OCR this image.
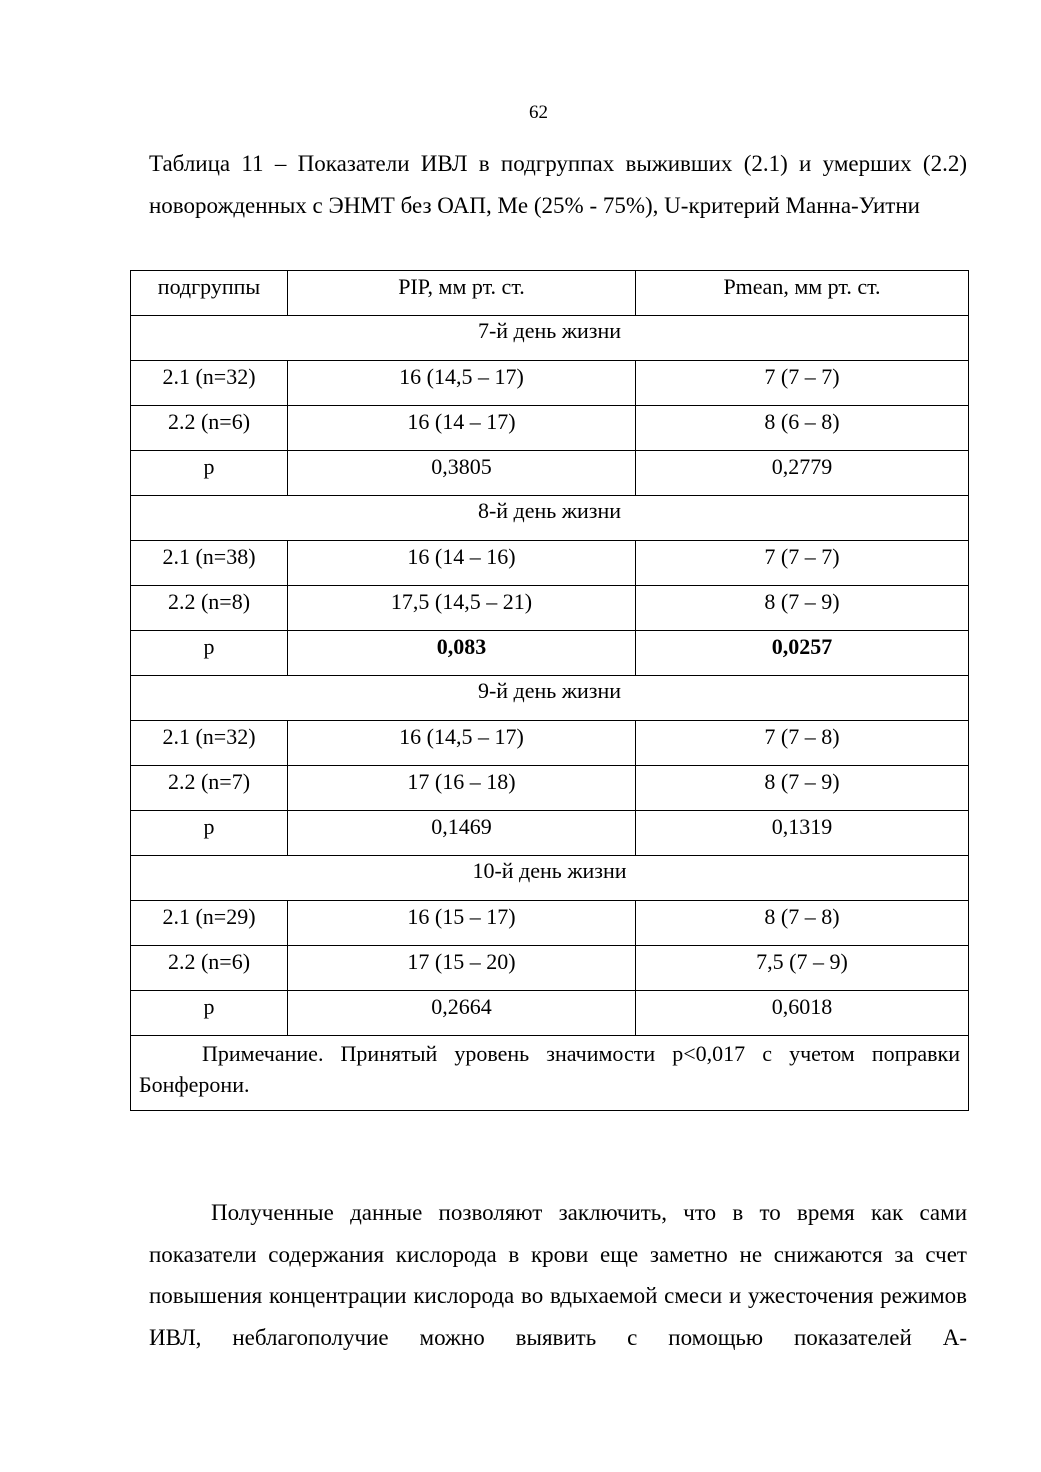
62
Таблица 11 – Показатели ИВЛ в подгруппах выживших (2.1) и умерших (2.2) новорожденных с ЭНМТ без ОАП, Me (25% - 75%), U-критерий Манна-Уитни
подгруппы	PIP, мм рт. ст.	Pmean, мм рт. ст.
7-й день жизни		
2.1 (n=32)	16 (14,5 – 17)	7 (7 – 7)
2.2 (n=6)	16 (14 – 17)	8 (6 – 8)
p	0,3805	0,2779
8-й день жизни		
2.1 (n=38)	16 (14 – 16)	7 (7 – 7)
2.2 (n=8)	17,5 (14,5 – 21)	8 (7 – 9)
p	0,083	0,0257
9-й день жизни		
2.1 (n=32)	16 (14,5 – 17)	7 (7 – 8)
2.2 (n=7)	17 (16 – 18)	8 (7 – 9)
p	0,1469	0,1319
10-й день жизни		
2.1 (n=29)	16 (15 – 17)	8 (7 – 8)
2.2 (n=6)	17 (15 – 20)	7,5 (7 – 9)
p	0,2664	0,6018

Примечание. Принятый уровень значимости p<0,017 с учетом поправки Бонферони.		

Полученные данные позволяют заключить, что в то время как сами показатели содержания кислорода в крови еще заметно не снижаются за счет повышения концентрации кислорода во вдыхаемой смеси и ужесточения режимов ИВЛ, неблагополучие можно выявить с помощью показателей А-
